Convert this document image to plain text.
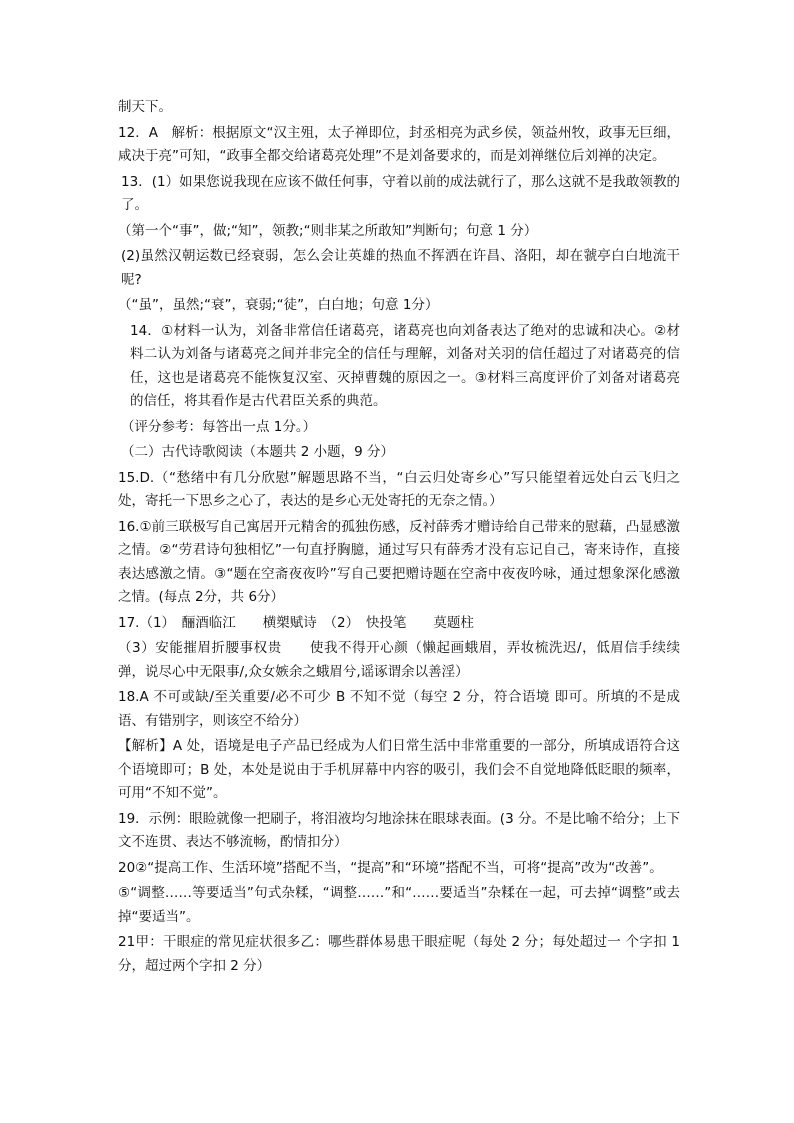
制天下。

12．A　解析：根据原文“汉主殂，太子禅即位，封丞相亮为武乡侯，领益州牧，政事无巨细，咸决于亮”可知，“政事全都交给诸葛亮处理”不是刘备要求的，而是刘禅继位后刘禅的决定。

13．(1）如果您说我现在应该不做任何事，守着以前的成法就行了，那么这就不是我敢领教的了。

（第一个“事”，做;“知”，领教;“则非某之所敢知”判断句；句意 1 分）

(2)虽然汉朝运数已经衰弱，怎么会让英雄的热血不挥洒在许昌、洛阳，却在虢亭白白地流干呢?

（“虽”，虽然;“衰”，衰弱;“徒”，白白地；句意 1分）

14．①材料一认为，刘备非常信任诸葛亮，诸葛亮也向刘备表达了绝对的忠诚和决心。②材料二认为刘备与诸葛亮之间并非完全的信任与理解，刘备对关羽的信任超过了对诸葛亮的信任，这也是诸葛亮不能恢复汉室、灭掉曹魏的原因之一。③材料三高度评价了刘备对诸葛亮的信任，将其看作是古代君臣关系的典范。

（评分参考：每答出一点 1分。）

（二）古代诗歌阅读（本题共 2 小题，9 分）

15.D.（“愁绪中有几分欣慰”解题思路不当，“白云归处寄乡心”写只能望着远处白云飞归之处，寄托一下思乡之心了，表达的是乡心无处寄托的无奈之情。）

16.①前三联极写自己寓居开元精舍的孤独伤感，反衬薛秀才赠诗给自己带来的慰藉，凸显感激之情。②“劳君诗句独相忆”一句直抒胸臆，通过写只有薛秀才没有忘记自己，寄来诗作，直接表达感激之情。③“题在空斋夜夜吟”写自己要把赠诗题在空斋中夜夜吟咏，通过想象深化感激之情。(每点 2分，共 6分）

17.（1）　酾酒临江　　横槊赋诗　（2）　快投笔　　莫题柱

（3）安能摧眉折腰事权贵　　使我不得开心颜（懒起画蛾眉，弄妆梳洗迟/，低眉信手续续弹，说尽心中无限事/,众女嫉余之蛾眉兮,谣诼谓余以善淫）

18.A 不可或缺/至关重要/必不可少 B 不知不觉（每空 2 分，符合语境 即可。所填的不是成语、有错别字，则该空不给分）

【解析】A 处，语境是电子产品已经成为人们日常生活中非常重要的一部分，所填成语符合这个语境即可；B 处，本处是说由于手机屏幕中内容的吸引，我们会不自觉地降低眨眼的频率，可用“不知不觉”。

19．示例：眼睑就像一把刷子，将泪液均匀地涂抹在眼球表面。(3 分。不是比喻不给分；上下文不连贯、表达不够流畅，酌情扣分）

20②“提高工作、生活环境”搭配不当，“提高”和“环境”搭配不当，可将“提高”改为“改善”。

⑤“调整……等要适当”句式杂糅，“调整……”和“……要适当”杂糅在一起，可去掉“调整”或去掉“要适当”。

21甲：干眼症的常见症状很多乙：哪些群体易患干眼症呢（每处 2 分；每处超过一 个字扣 1 分，超过两个字扣 2 分）
